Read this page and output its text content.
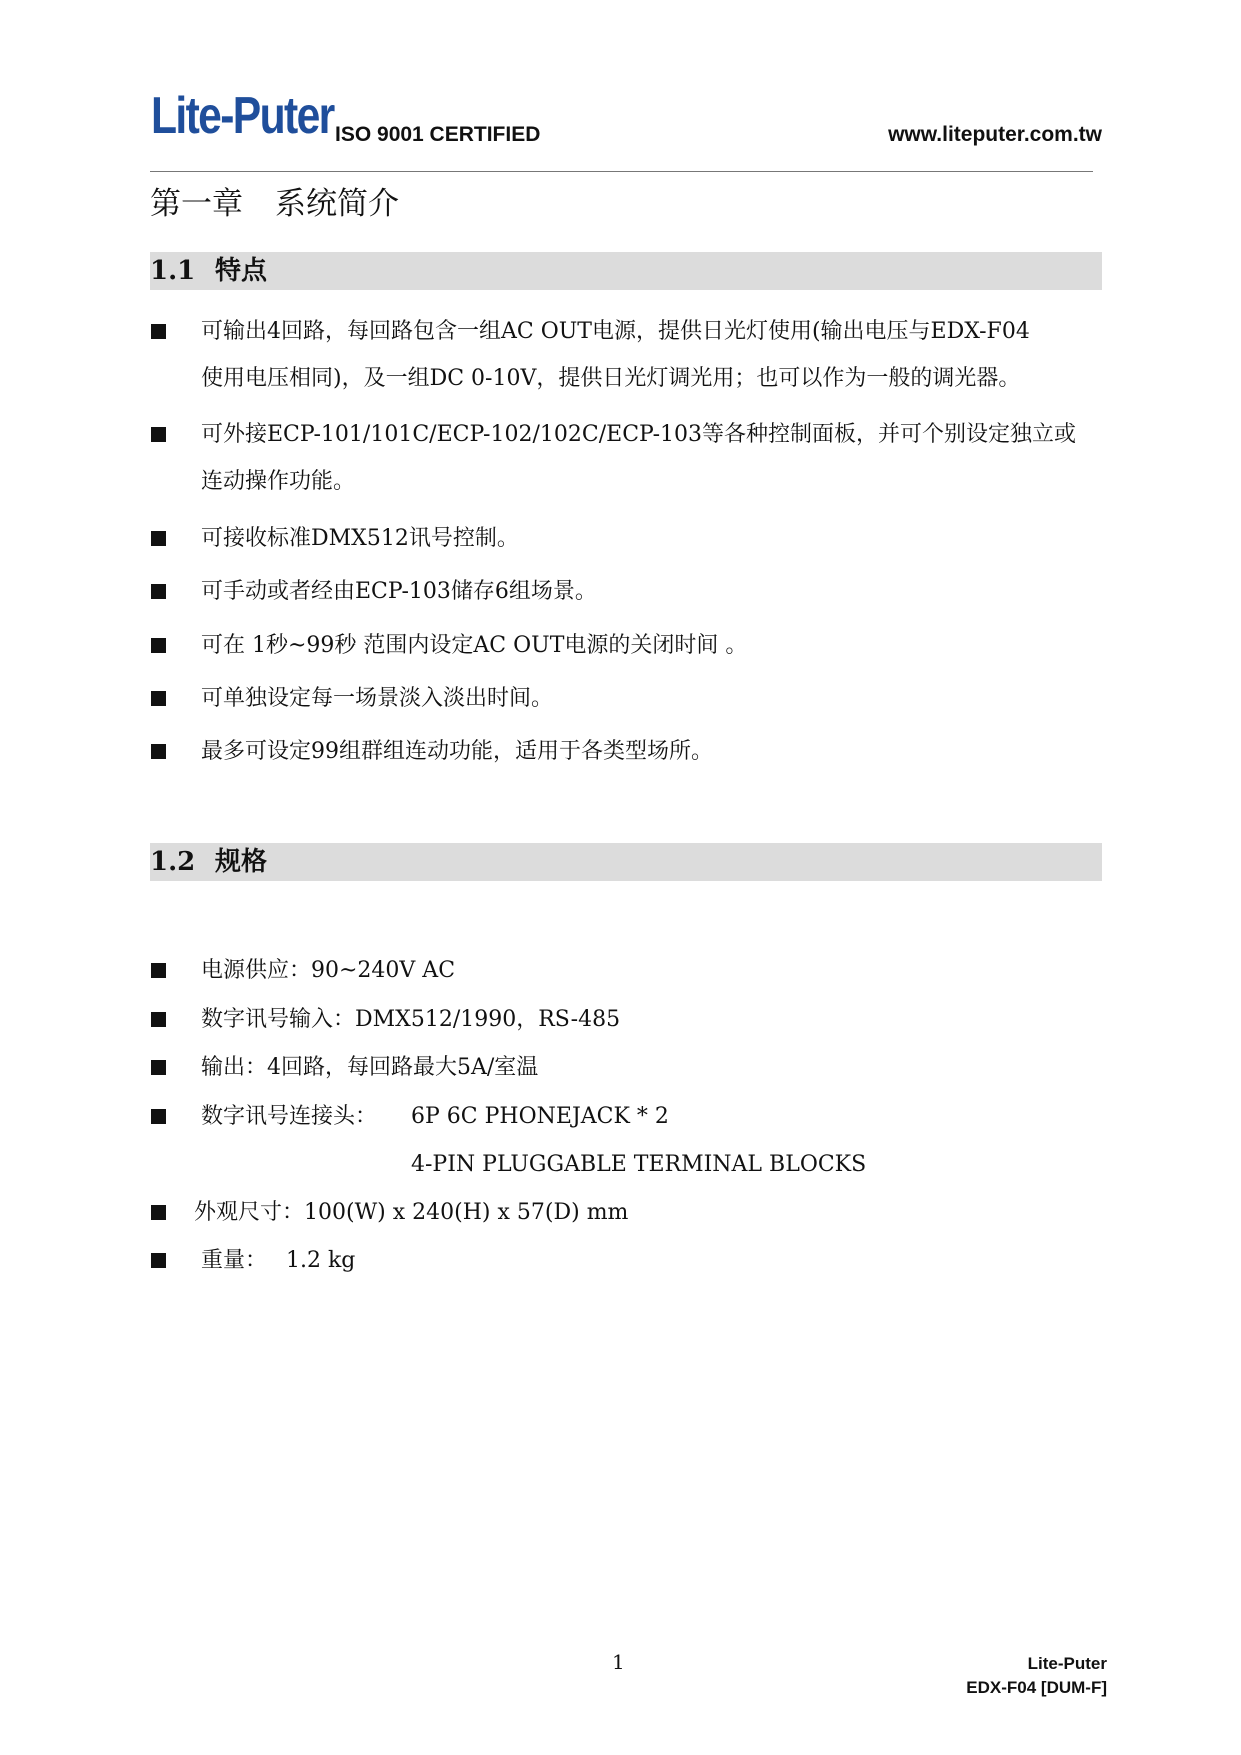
Lite-Puter ISO 9001 CERTIFIED	www.liteputer.com.tw
第一章 系统简介
1.1 特点
可输出4回路，每回路包含一组AC OUT电源，提供日光灯使用(输出电压与EDX-F04
使用电压相同)，及一组DC 0-10V，提供日光灯调光用；也可以作为一般的调光器。
可外接ECP-101/101C/ECP-102/102C/ECP-103等各种控制面板，并可个别设定独立或
连动操作功能。
可接收标准DMX512讯号控制。
可手动或者经由ECP-103储存6组场景。
可在 1秒~99秒 范围内设定AC OUT电源的关闭时间 。
可单独设定每一场景淡入淡出时间。
最多可设定99组群组连动功能，适用于各类型场所。
1.2 规格
电源供应：90~240V AC
数字讯号输入：DMX512/1990，RS-485
输出：4回路，每回路最大5A/室温
数字讯号连接头： 6P 6C PHONEJACK * 2
4-PIN PLUGGABLE TERMINAL BLOCKS
外观尺寸：100(W) x 240(H) x 57(D) mm
重量： 1.2 kg
1	Lite-Puter
EDX-F04 [DUM-F]
